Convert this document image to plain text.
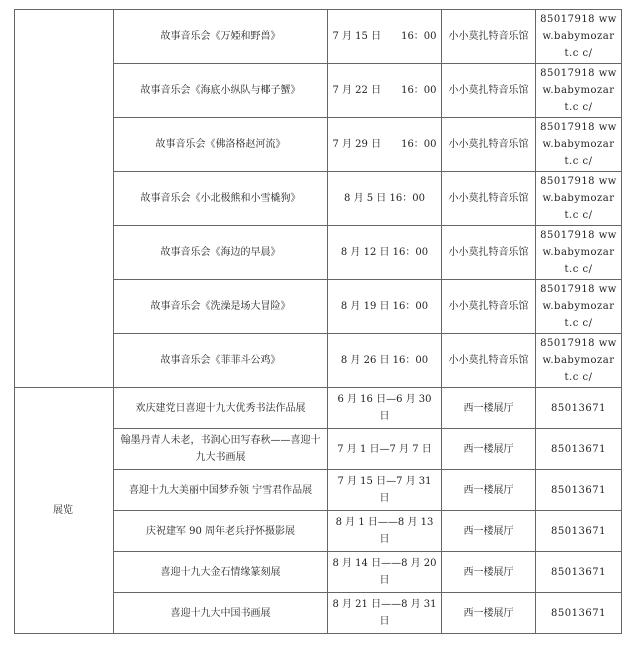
	故事音乐会《万婭和野兽》	7 月 15 日　　16：00	小小莫扎特音乐馆	85017918 www.babymozart.c c/
	故事音乐会《海底小纵队与椰子蟹》	7 月 22 日　　16：00	小小莫扎特音乐馆	85017918 www.babymozart.c c/
	故事音乐会《佛洛格赵河流》	7 月 29 日　　16：00	小小莫扎特音乐馆	85017918 www.babymozart.c c/
	故事音乐会《小北极熊和小雪橇狗》	8 月 5 日 16：00	小小莫扎特音乐馆	85017918 www.babymozart.c c/
	故事音乐会《海边的早晨》	8 月 12 日 16：00	小小莫扎特音乐馆	85017918 www.babymozart.c c/
	故事音乐会《洗澡是场大冒险》	8 月 19 日 16：00	小小莫扎特音乐馆	85017918 www.babymozart.c c/
	故事音乐会《菲菲斗公鸡》	8 月 26 日 16：00	小小莫扎特音乐馆	85017918 www.babymozart.c c/
展览	欢庆建党日喜迎十九大优秀书法作品展	6 月 16 日—6 月 30 日	西一楼展厅	85013671
	翰墨丹青人未老，书润心田写春秋——喜迎十九大书画展	7 月 1 日—7 月 7 日	西一楼展厅	85013671
	喜迎十九大美丽中国梦乔领 宁雪君作品展	7 月 15 日—7 月 31 日	西一楼展厅	85013671
	庆祝建军 90 周年老兵抒怀摄影展	8 月 1 日——8 月 13 日	西一楼展厅	85013671
	喜迎十九大金石情缘篆刻展	8 月 14 日——8 月 20 日	西一楼展厅	85013671
	喜迎十九大中国书画展	8 月 21 日——8 月 31 日	西一楼展厅	85013671
